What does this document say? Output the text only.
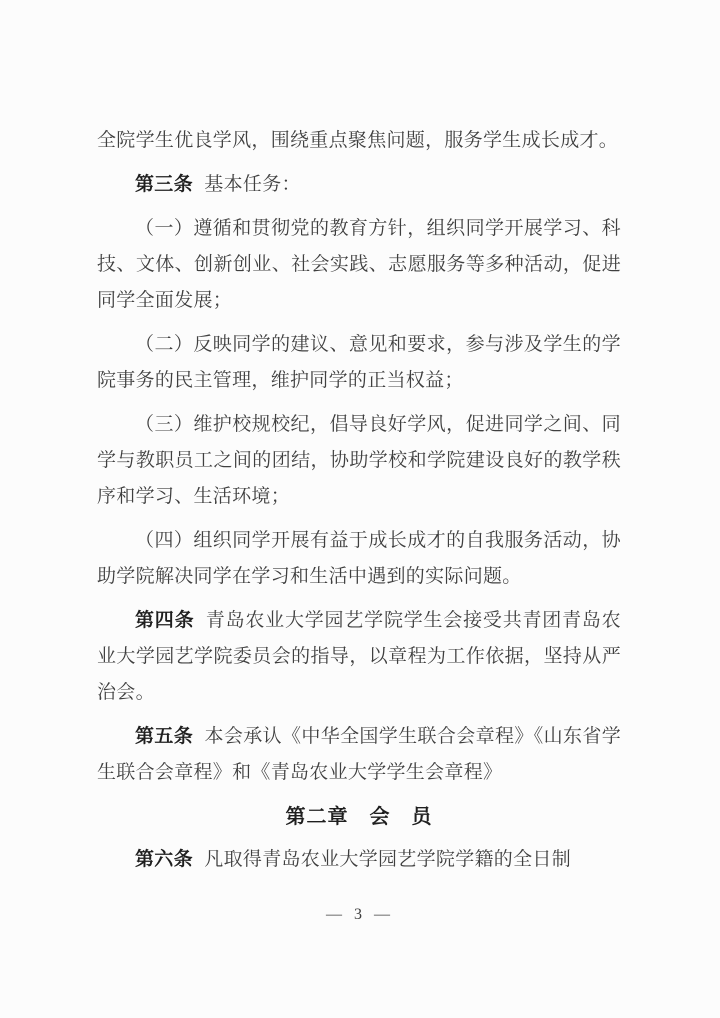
全院学生优良学风，围绕重点聚焦问题，服务学生成长成才。

第三条 基本任务：

（一）遵循和贯彻党的教育方针，组织同学开展学习、科技、文体、创新创业、社会实践、志愿服务等多种活动，促进同学全面发展；

（二）反映同学的建议、意见和要求，参与涉及学生的学院事务的民主管理，维护同学的正当权益；

（三）维护校规校纪，倡导良好学风，促进同学之间、同学与教职员工之间的团结，协助学校和学院建设良好的教学秩序和学习、生活环境；

（四）组织同学开展有益于成长成才的自我服务活动，协助学院解决同学在学习和生活中遇到的实际问题。

第四条 青岛农业大学园艺学院学生会接受共青团青岛农业大学园艺学院委员会的指导，以章程为工作依据，坚持从严治会。

第五条 本会承认《中华全国学生联合会章程》《山东省学生联合会章程》和《青岛农业大学学生会章程》

第二章　会　员

第六条 凡取得青岛农业大学园艺学院学籍的全日制

— 3 —
